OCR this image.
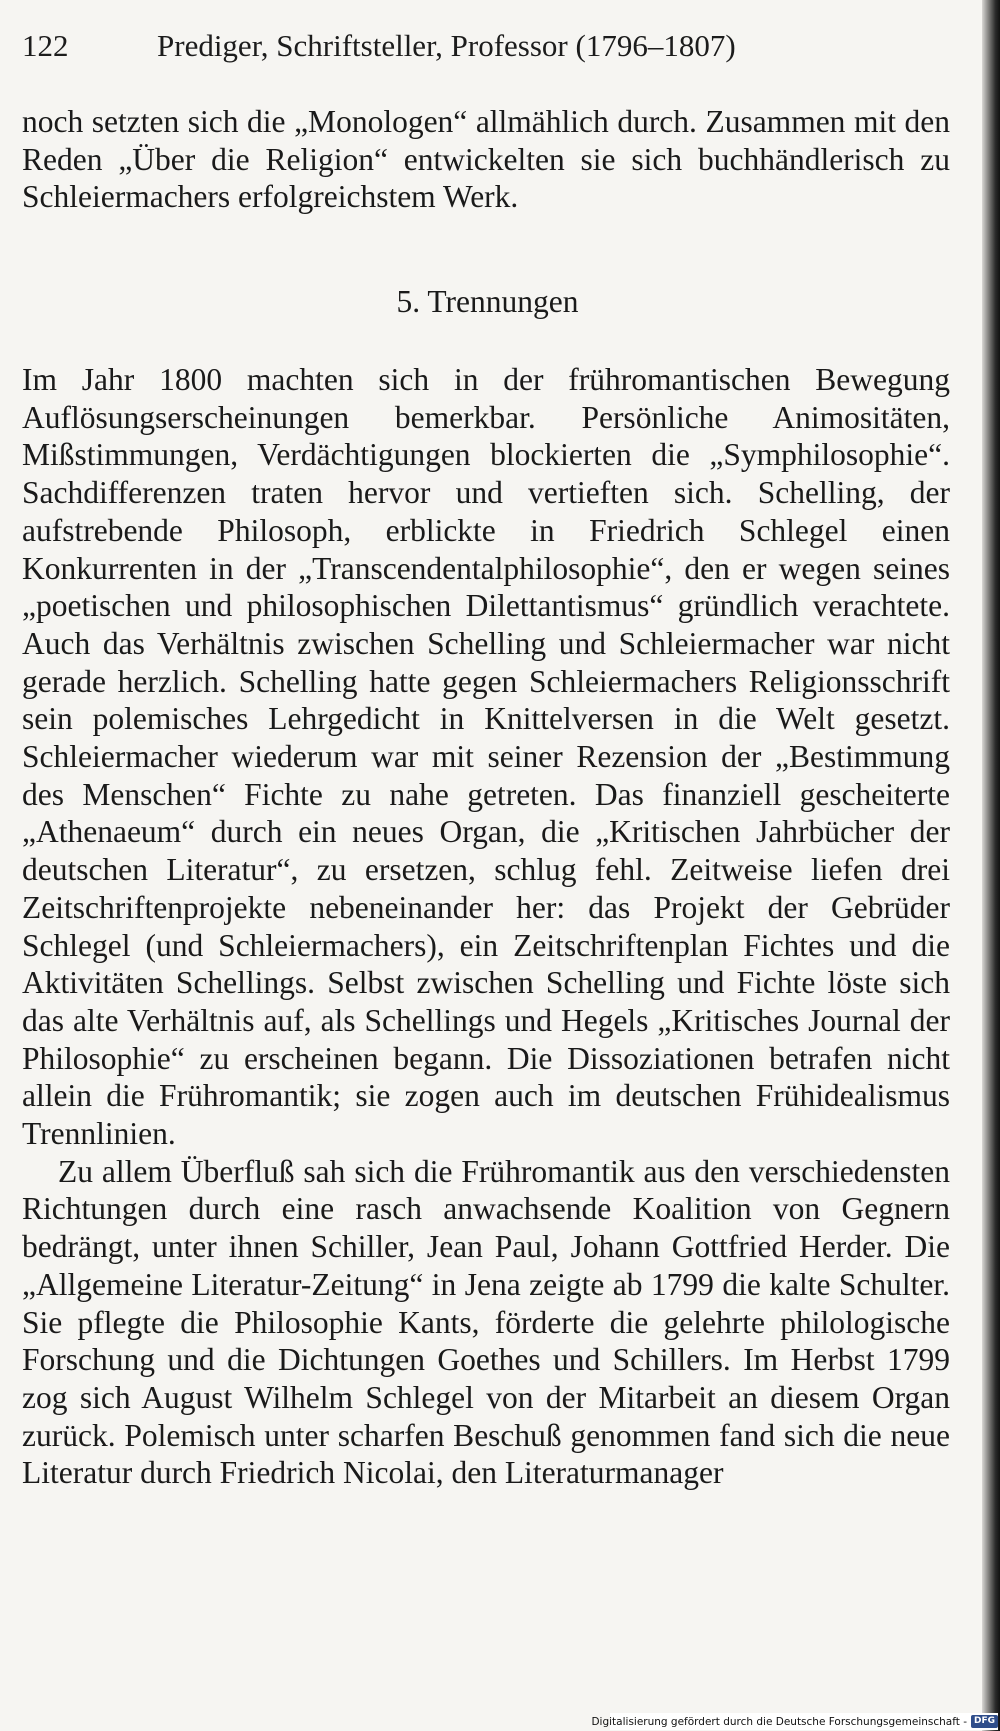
122	Prediger, Schriftsteller, Professor (1796–1807)

noch setzten sich die „Monologen“ allmählich durch. Zusammen mit den Reden „Über die Religion“ entwickelten sie sich buchhändlerisch zu Schleiermachers erfolgreichstem Werk.

5. Trennungen

Im Jahr 1800 machten sich in der frühromantischen Bewegung Auflösungserscheinungen bemerkbar. Persönliche Animositäten, Mißstimmungen, Verdächtigungen blockierten die „Symphilosophie“. Sachdifferenzen traten hervor und vertieften sich. Schelling, der aufstrebende Philosoph, erblickte in Friedrich Schlegel einen Konkurrenten in der „Transcendentalphilosophie“, den er wegen seines „poetischen und philosophischen Dilettantismus“ gründlich verachtete. Auch das Verhältnis zwischen Schelling und Schleiermacher war nicht gerade herzlich. Schelling hatte gegen Schleiermachers Religionsschrift sein polemisches Lehrgedicht in Knittelversen in die Welt gesetzt. Schleiermacher wiederum war mit seiner Rezension der „Bestimmung des Menschen“ Fichte zu nahe getreten. Das finanziell gescheiterte „Athenaeum“ durch ein neues Organ, die „Kritischen Jahrbücher der deutschen Literatur“, zu ersetzen, schlug fehl. Zeitweise liefen drei Zeitschriftenprojekte nebeneinander her: das Projekt der Gebrüder Schlegel (und Schleiermachers), ein Zeitschriftenplan Fichtes und die Aktivitäten Schellings. Selbst zwischen Schelling und Fichte löste sich das alte Verhältnis auf, als Schellings und Hegels „Kritisches Journal der Philosophie“ zu erscheinen begann. Die Dissoziationen betrafen nicht allein die Frühromantik; sie zogen auch im deutschen Frühidealismus Trennlinien.

Zu allem Überfluß sah sich die Frühromantik aus den verschiedensten Richtungen durch eine rasch anwachsende Koalition von Gegnern bedrängt, unter ihnen Schiller, Jean Paul, Johann Gottfried Herder. Die „Allgemeine Literatur-Zeitung“ in Jena zeigte ab 1799 die kalte Schulter. Sie pflegte die Philosophie Kants, förderte die gelehrte philologische Forschung und die Dichtungen Goethes und Schillers. Im Herbst 1799 zog sich August Wilhelm Schlegel von der Mitarbeit an diesem Organ zurück. Polemisch unter scharfen Beschuß genommen fand sich die neue Literatur durch Friedrich Nicolai, den Literaturmanager

Digitalisierung gefördert durch die Deutsche Forschungsgemeinschaft - DFG
